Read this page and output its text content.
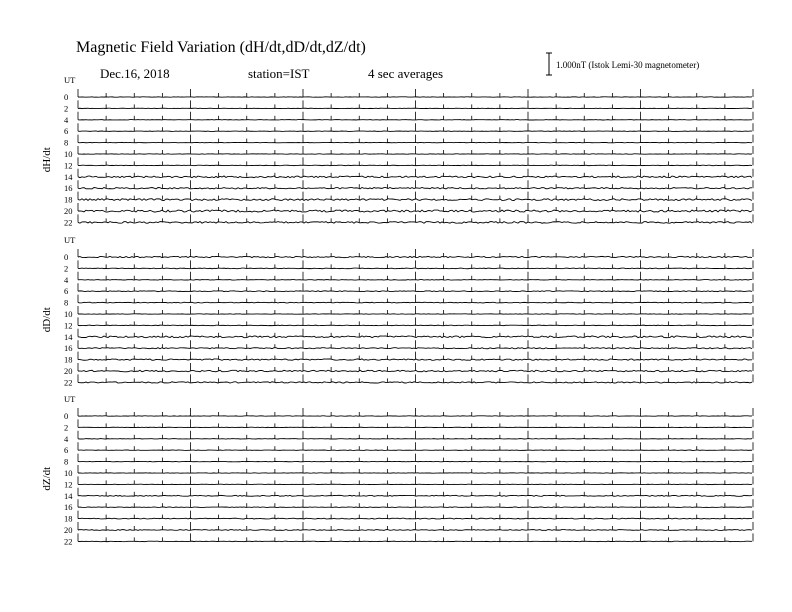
Magnetic Field Variation (dH/dt,dD/dt,dZ/dt)
Dec.16, 2018	station=IST	4 sec averages
1.000nT (Istok Lemi-30 magnetometer)
UT
dH/dt
0
2
4
6
8
10
12
14
16
18
20
22
UT
dD/dt
0
2
4
6
8
10
12
14
16
18
20
22
UT
dZ/dt
0
2
4
6
8
10
12
14
16
18
20
22
